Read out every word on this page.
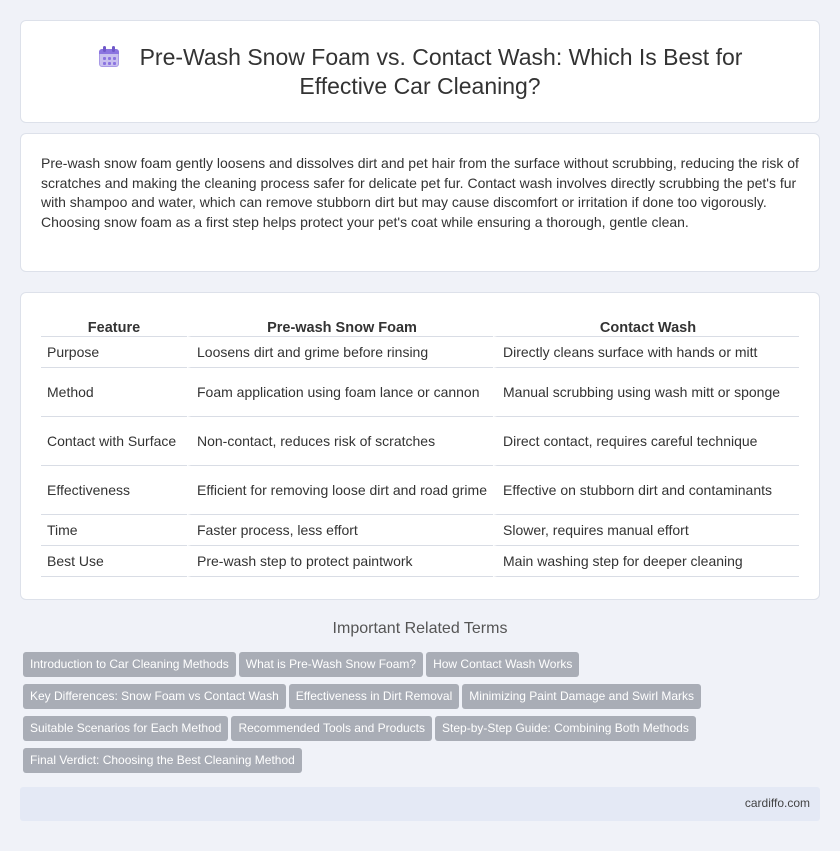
Pre-Wash Snow Foam vs. Contact Wash: Which Is Best for Effective Car Cleaning?

Pre-wash snow foam gently loosens and dissolves dirt and pet hair from the surface without scrubbing, reducing the risk of scratches and making the cleaning process safer for delicate pet fur. Contact wash involves directly scrubbing the pet's fur with shampoo and water, which can remove stubborn dirt but may cause discomfort or irritation if done too vigorously. Choosing snow foam as a first step helps protect your pet's coat while ensuring a thorough, gentle clean.

Feature	Pre-wash Snow Foam	Contact Wash
Purpose	Loosens dirt and grime before rinsing	Directly cleans surface with hands or mitt
Method	Foam application using foam lance or cannon	Manual scrubbing using wash mitt or sponge
Contact with Surface	Non-contact, reduces risk of scratches	Direct contact, requires careful technique
Effectiveness	Efficient for removing loose dirt and road grime	Effective on stubborn dirt and contaminants
Time	Faster process, less effort	Slower, requires manual effort
Best Use	Pre-wash step to protect paintwork	Main washing step for deeper cleaning
Important Related Terms
Introduction to Car Cleaning Methods What is Pre-Wash Snow Foam? How Contact Wash Works
Key Differences: Snow Foam vs Contact Wash Effectiveness in Dirt Removal Minimizing Paint Damage and Swirl Marks
Suitable Scenarios for Each Method Recommended Tools and Products Step-by-Step Guide: Combining Both Methods
Final Verdict: Choosing the Best Cleaning Method
cardiffo.com
